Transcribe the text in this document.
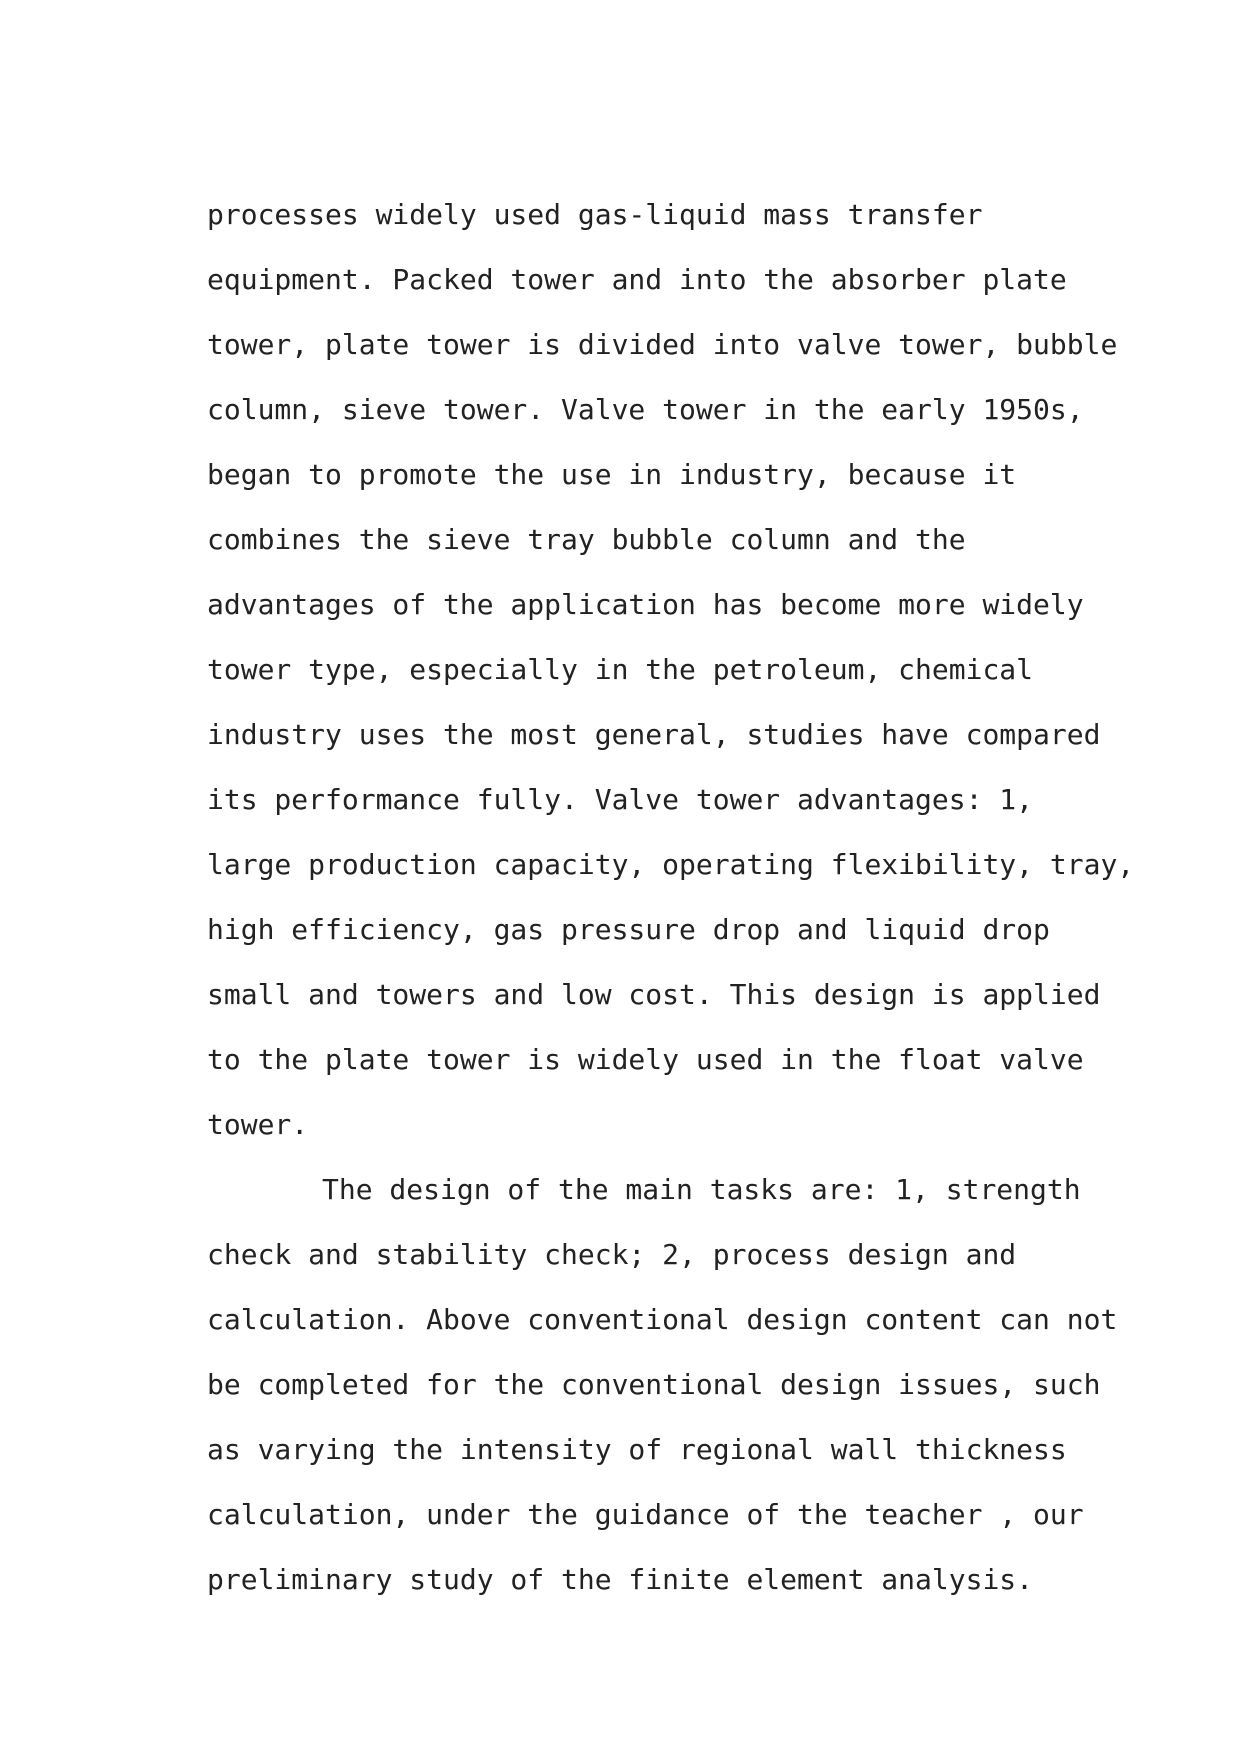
processes widely used gas-liquid mass transfer
equipment. Packed tower and into the absorber plate
tower, plate tower is divided into valve tower, bubble
column, sieve tower. Valve tower in the early 1950s,
began to promote the use in industry, because it
combines the sieve tray bubble column and the
advantages of the application has become more widely
tower type, especially in the petroleum, chemical
industry uses the most general, studies have compared
its performance fully. Valve tower advantages: 1,
large production capacity, operating flexibility, tray,
high efficiency, gas pressure drop and liquid drop
small and towers and low cost. This design is applied
to the plate tower is widely used in the float valve
tower.
The design of the main tasks are: 1, strength
check and stability check; 2, process design and
calculation. Above conventional design content can not
be completed for the conventional design issues, such
as varying the intensity of regional wall thickness
calculation, under the guidance of the teacher , our
preliminary study of the finite element analysis.
